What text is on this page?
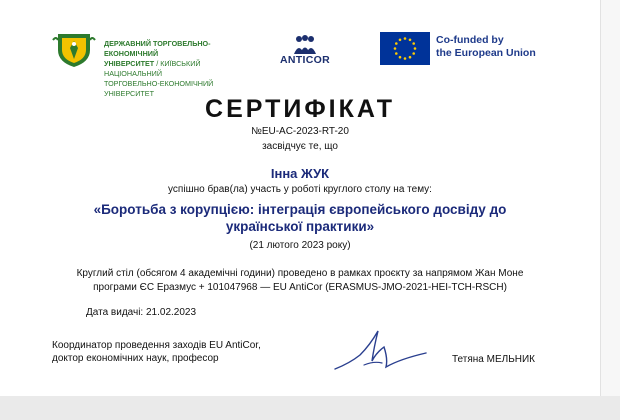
ДЕРЖАВНИЙ ТОРГОВЕЛЬНО-ЕКОНОМІЧНИЙ
УНІВЕРСИТЕТ / КИЇВСЬКИЙ НАЦІОНАЛЬНИЙ
ТОРГОВЕЛЬНО-ЕКОНОМІЧНИЙ УНІВЕРСИТЕТ
ANTICOR
Co-funded by
the European Union
СЕРТИФІКАТ
№EU-AC-2023-RT-20
засвідчує те, що
Інна ЖУК
успішно брав(ла) участь у роботі круглого столу на тему:
«Боротьба з корупцією: інтеграція європейського досвіду до
української практики»
(21 лютого 2023 року)
Круглий стіл (обсягом 4 академічні години) проведено в рамках проєкту за напрямом Жан Моне
програми ЄС Еразмус + 101047968 — EU AntiCor (ERASMUS-JMO-2021-HEI-TCH-RSCH)
Дата видачі: 21.02.2023
Координатор проведення заходів EU AntiCor,
доктор економічних наук, професор	Тетяна МЕЛЬНИК
